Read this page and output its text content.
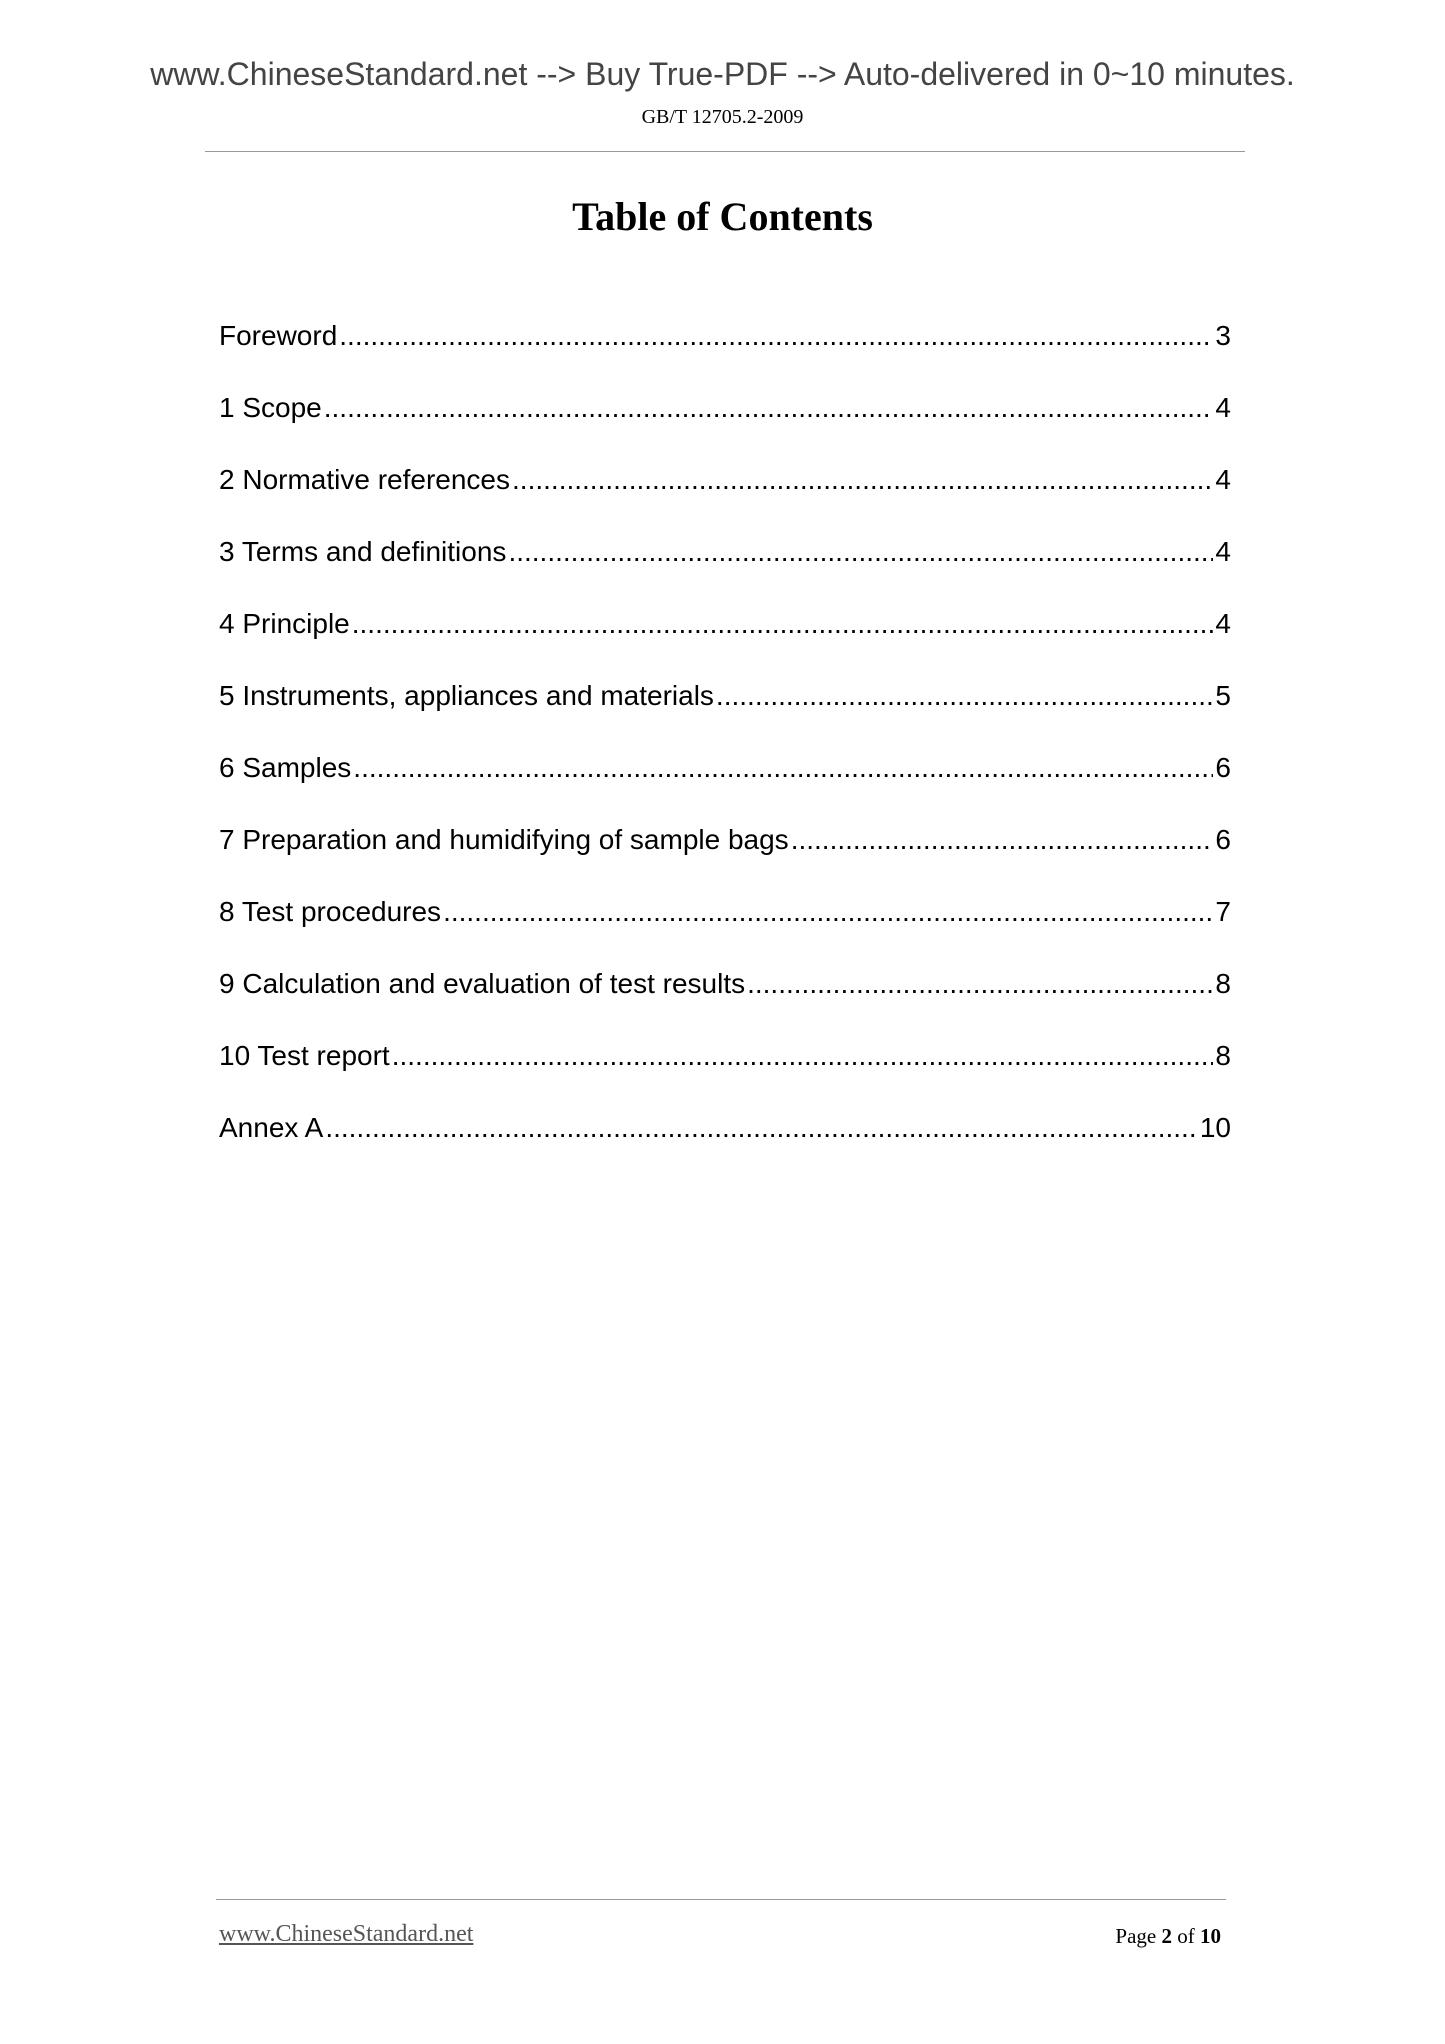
www.ChineseStandard.net --> Buy True-PDF --> Auto-delivered in 0~10 minutes.
GB/T 12705.2-2009
Table of Contents
Foreword .....	3
1 Scope .....	4
2 Normative references .....	4
3 Terms and definitions .....	4
4 Principle .....	4
5 Instruments, appliances and materials .....	5
6 Samples .....	6
7 Preparation and humidifying of sample bags .....	6
8 Test procedures .....	7
9 Calculation and evaluation of test results .....	8
10 Test report .....	8
Annex A .....	10
www.ChineseStandard.net	Page 2 of 10
